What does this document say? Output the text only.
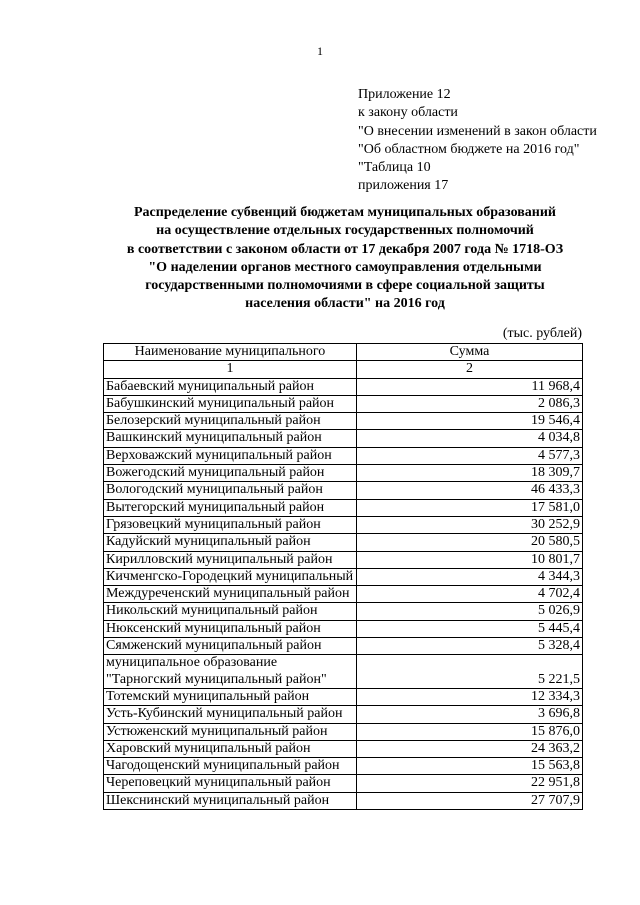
1
Приложение 12
к закону области
"О внесении изменений в закон области
"Об областном бюджете на 2016 год"
"Таблица 10
приложения 17
Распределение субвенций бюджетам муниципальных образований
на осуществление отдельных государственных полномочий
в соответствии с законом области от 17 декабря 2007 года № 1718-ОЗ
"О наделении органов местного самоуправления отдельными
государственными полномочиями в сфере социальной защиты
населения области" на 2016 год
(тыс. рублей)
Наименование муниципального	Сумма
1	2
Бабаевский муниципальный район	11 968,4
Бабушкинский муниципальный район	2 086,3
Белозерский муниципальный район	19 546,4
Вашкинский муниципальный район	4 034,8
Верховажский муниципальный район	4 577,3
Вожегодский муниципальный район	18 309,7
Вологодский муниципальный район	46 433,3
Вытегорский муниципальный район	17 581,0
Грязовецкий муниципальный район	30 252,9
Кадуйский муниципальный район	20 580,5
Кирилловский муниципальный район	10 801,7
Кичменгско-Городецкий муниципальный	4 344,3
Междуреченский муниципальный район	4 702,4
Никольский муниципальный район	5 026,9
Нюксенский муниципальный район	5 445,4
Сямженский муниципальный район	5 328,4
муниципальное образование "Тарногский муниципальный район"	5 221,5
Тотемский муниципальный район	12 334,3
Усть-Кубинский муниципальный район	3 696,8
Устюженский муниципальный район	15 876,0
Харовский муниципальный район	24 363,2
Чагодощенский муниципальный район	15 563,8
Череповецкий муниципальный район	22 951,8
Шекснинский муниципальный район	27 707,9
